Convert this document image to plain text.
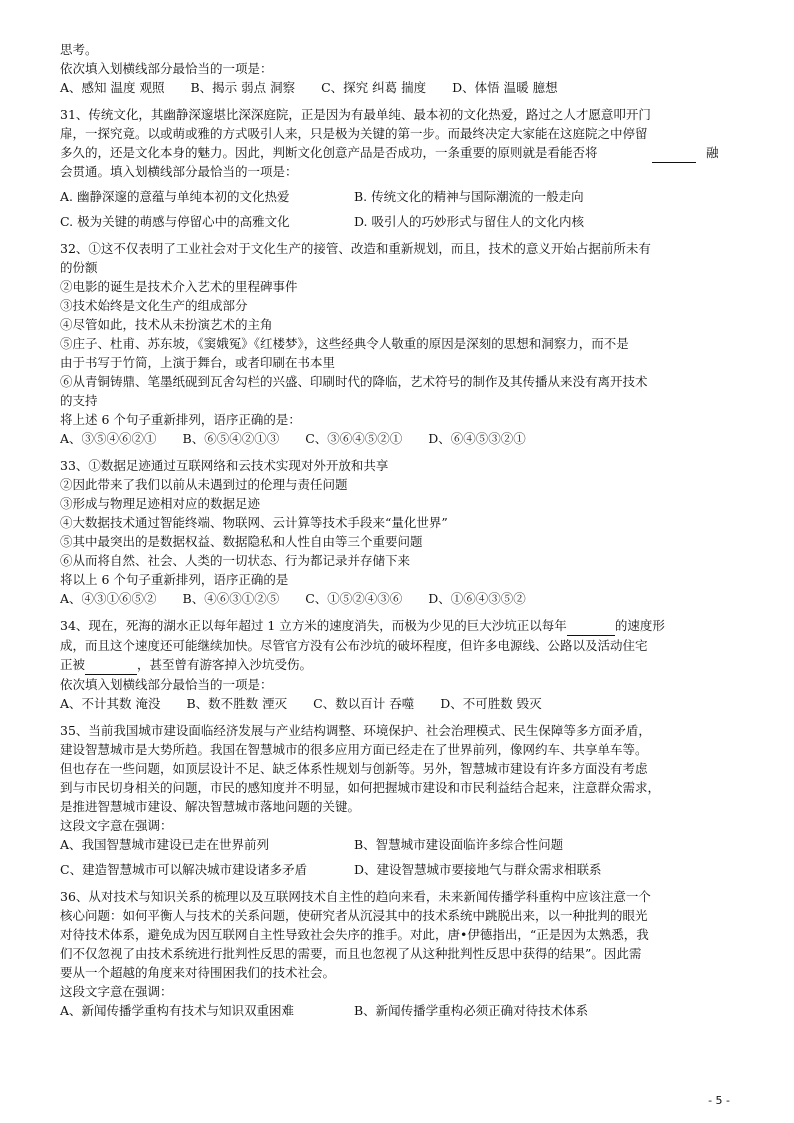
思考。

依次填入划横线部分最恰当的一项是：

A、感知 温度 观照 B、揭示 弱点 洞察 C、探究 纠葛 揣度 D、体悟 温暖 臆想

31、传统文化，其幽静深邃堪比深深庭院，正是因为有最单纯、最本初的文化热爱，路过之人才愿意叩开门

扉，一探究竟。以或萌或雅的方式吸引人来，只是极为关键的第一步。而最终决定大家能在这庭院之中停留

多久的，还是文化本身的魅力。因此，判断文化创意产品是否成功，一条重要的原则就是看能否将

会贯通。填入划横线部分最恰当的一项是：
融

A. 幽静深邃的意蕴与单纯本初的文化热爱	B. 传统文化的精神与国际潮流的一般走向

C. 极为关键的萌感与停留心中的高雅文化	D. 吸引人的巧妙形式与留住人的文化内核

32、①这不仅表明了工业社会对于文化生产的接管、改造和重新规划，而且，技术的意义开始占据前所未有

的份额

②电影的诞生是技术介入艺术的里程碑事件

③技术始终是文化生产的组成部分

④尽管如此，技术从未扮演艺术的主角

⑤庄子、杜甫、苏东坡，《窦娥冤》《红楼梦》，这些经典令人敬重的原因是深刻的思想和洞察力，而不是

由于书写于竹简，上演于舞台，或者印刷在书本里

⑥从青铜铸鼎、笔墨纸砚到瓦舍勾栏的兴盛、印刷时代的降临，艺术符号的制作及其传播从来没有离开技术

的支持

将上述 6 个句子重新排列，语序正确的是：

A、③⑤④⑥②① B、⑥⑤④②①③ C、③⑥④⑤②① D、⑥④⑤③②①

33、①数据足迹通过互联网络和云技术实现对外开放和共享

②因此带来了我们以前从未遇到过的伦理与责任问题

③形成与物理足迹相对应的数据足迹

④大数据技术通过智能终端、物联网、云计算等技术手段来“量化世界”

⑤其中最突出的是数据权益、数据隐私和人性自由等三个重要问题

⑥从而将自然、社会、人类的一切状态、行为都记录并存储下来

将以上 6 个句子重新排列，语序正确的是

A、④③①⑥⑤② B、④⑥③①②⑤ C、①⑤②④③⑥ D、①⑥④③⑤②

34、现在，死海的湖水正以每年超过 1 立方米的速度消失，而极为少见的巨大沙坑正以每年	的速度形

成，而且这个速度还可能继续加快。尽管官方没有公布沙坑的破坏程度，但许多电源线、公路以及活动住宅

正被	，甚至曾有游客掉入沙坑受伤。

依次填入划横线部分最恰当的一项是：

A、不计其数 淹没 B、数不胜数 湮灭 C、数以百计 吞噬 D、不可胜数 毁灭

35、当前我国城市建设面临经济发展与产业结构调整、环境保护、社会治理模式、民生保障等多方面矛盾，

建设智慧城市是大势所趋。我国在智慧城市的很多应用方面已经走在了世界前列，像网约车、共享单车等。

但也存在一些问题，如顶层设计不足、缺乏体系性规划与创新等。另外，智慧城市建设有许多方面没有考虑

到与市民切身相关的问题，市民的感知度并不明显，如何把握城市建设和市民利益结合起来，注意群众需求，

是推进智慧城市建设、解决智慧城市落地问题的关键。

这段文字意在强调：

A、我国智慧城市建设已走在世界前列	B、智慧城市建设面临许多综合性问题

C、建造智慧城市可以解决城市建设诸多矛盾	D、建设智慧城市要接地气与群众需求相联系

36、从对技术与知识关系的梳理以及互联网技术自主性的趋向来看，未来新闻传播学科重构中应该注意一个

核心问题：如何平衡人与技术的关系问题，使研究者从沉浸其中的技术系统中跳脱出来，以一种批判的眼光

对待技术体系，避免成为因互联网自主性导致社会失序的推手。对此，唐•伊德指出，“正是因为太熟悉，我

们不仅忽视了由技术系统进行批判性反思的需要，而且也忽视了从这种批判性反思中获得的结果”。因此需

要从一个超越的角度来对待围困我们的技术社会。

这段文字意在强调：

A、新闻传播学重构有技术与知识双重困难	B、新闻传播学重构必须正确对待技术体系

- 5 -
